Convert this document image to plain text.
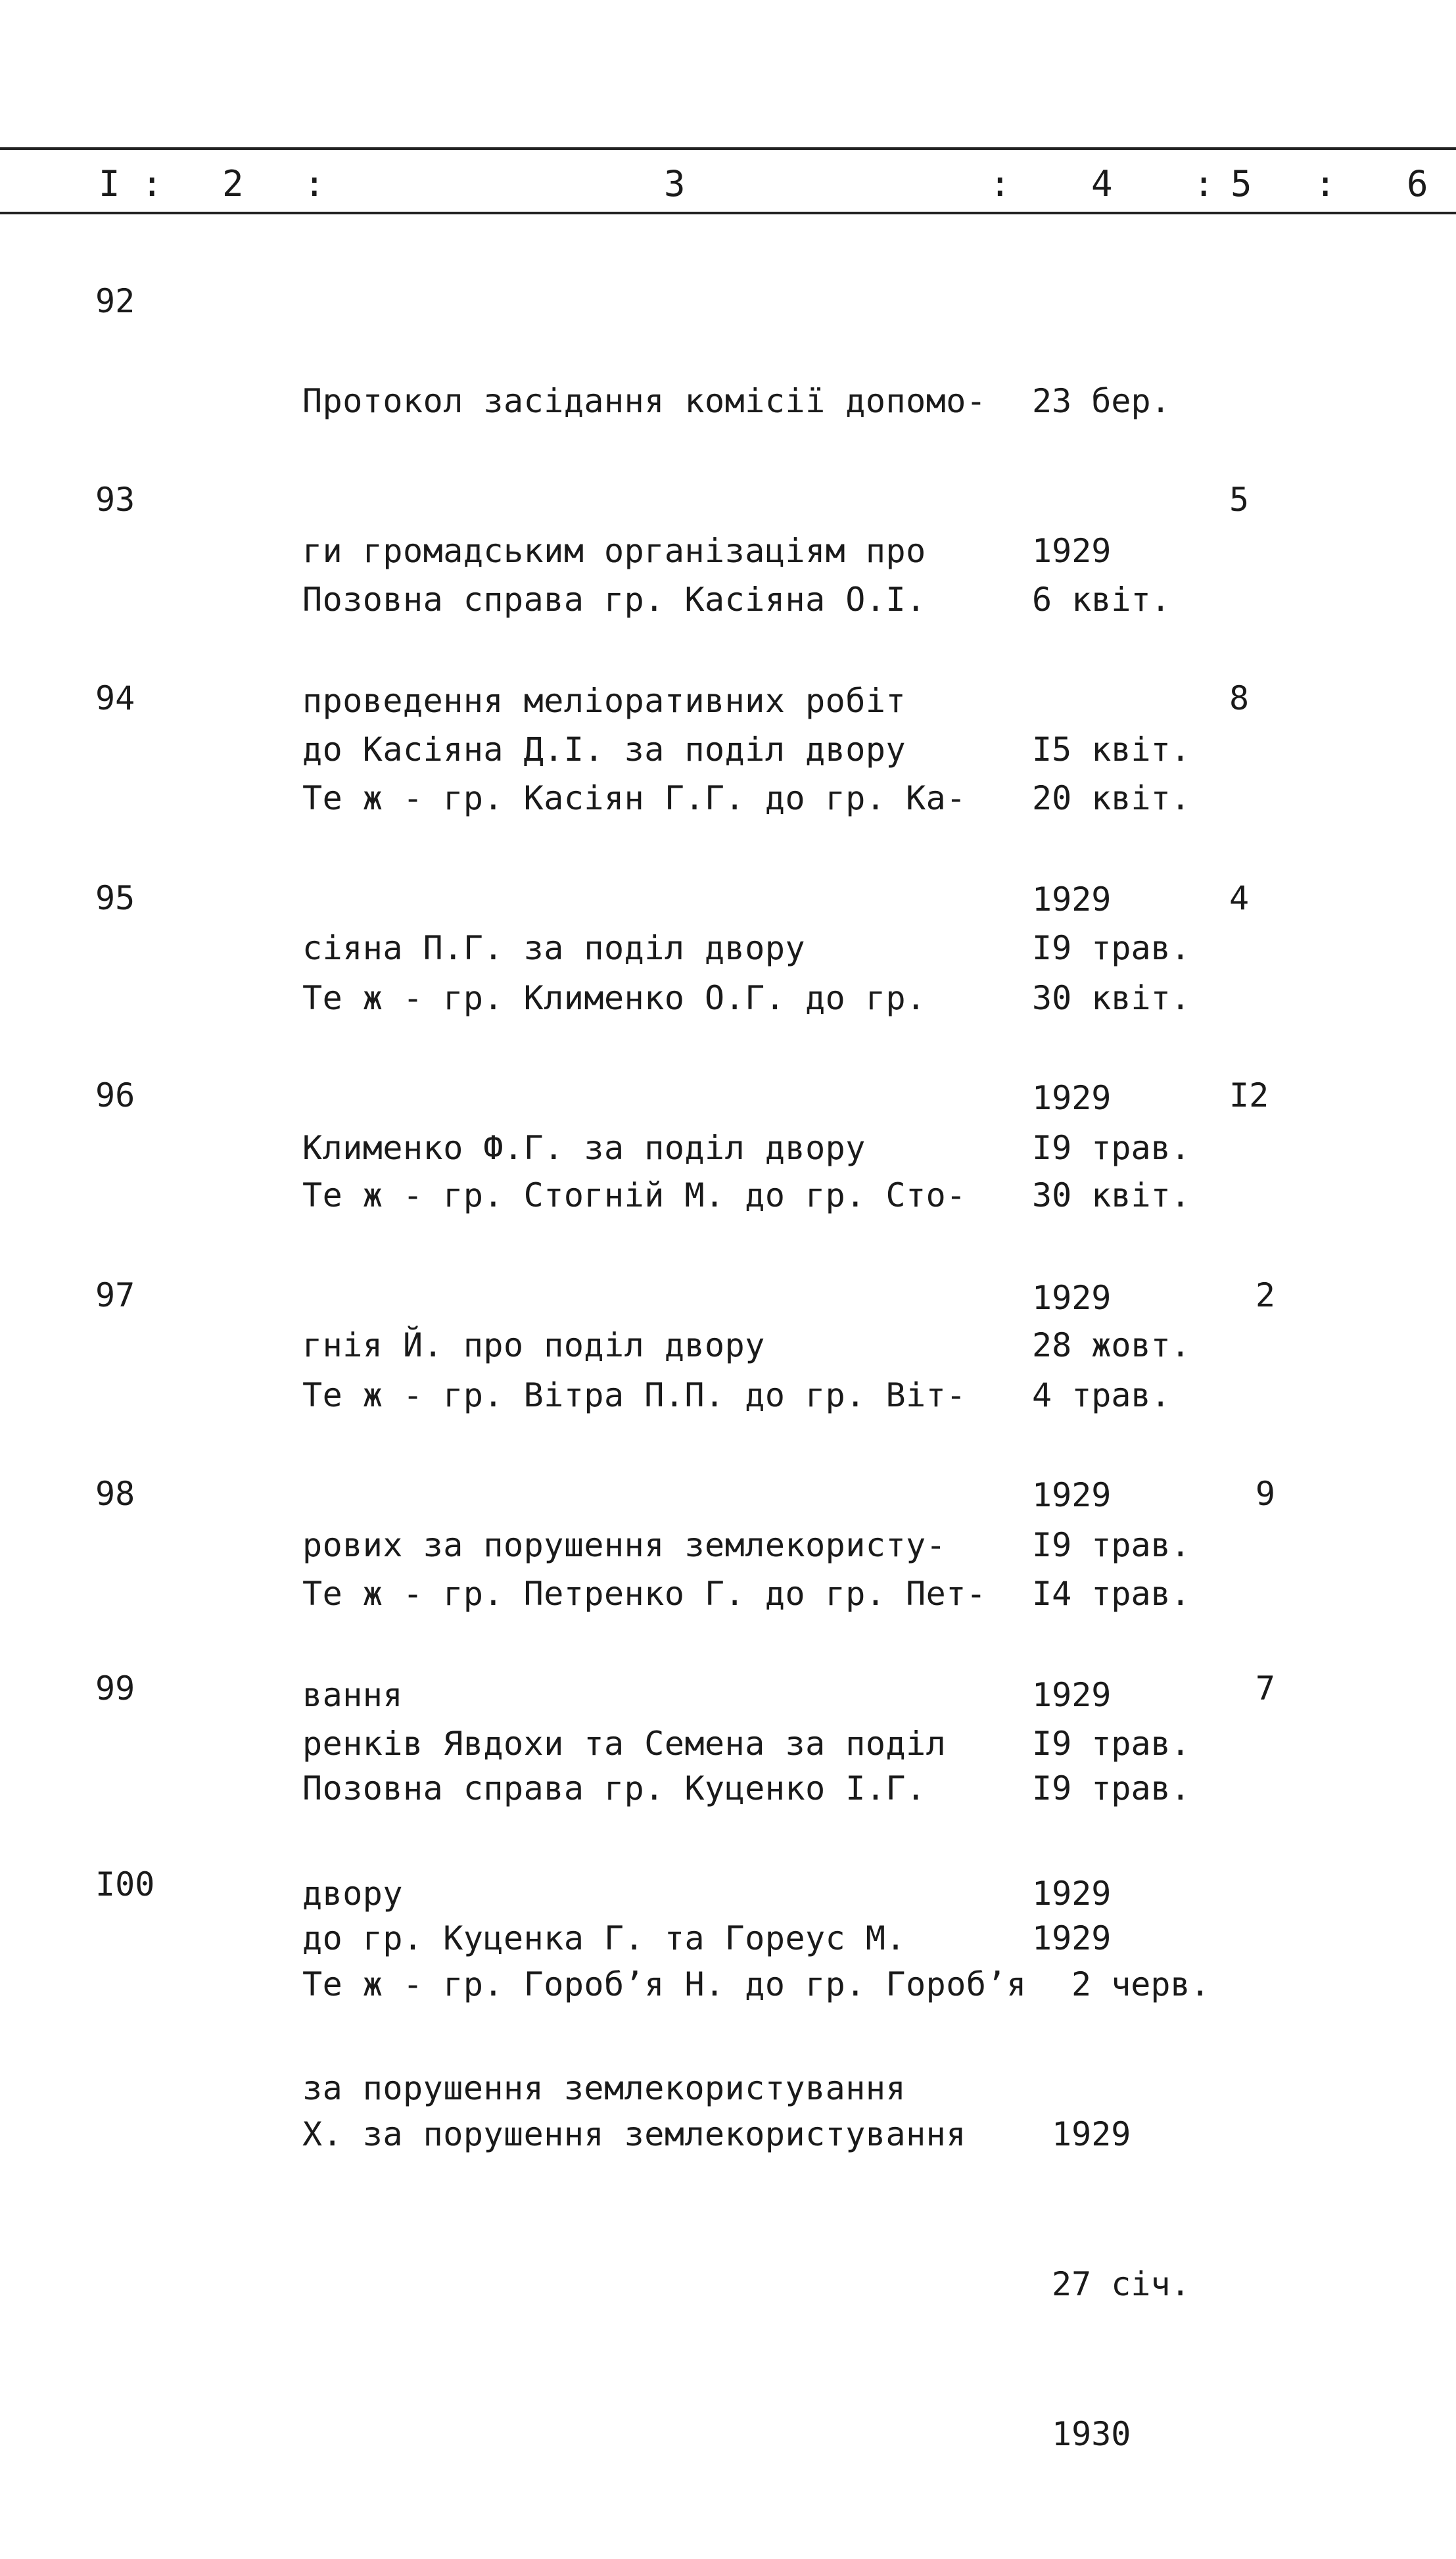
I : 2 :	3	: 4 : 5 : 6
92

Протокол засідання комісії допомо-

ги громадським організаціям про

проведення меліоративних робіт

23 бер.

1929

93

Позовна справа гр. Касіяна О.І.

до Касіяна Д.І. за поділ двору

6 квіт.

I5 квіт.

1929

5
94

Те ж - гр. Касіян Г.Г. до гр. Ка-

сіяна П.Г. за поділ двору

20 квіт.

I9 трав.

1929

8
95

Те ж - гр. Клименко О.Г. до гр.

Клименко Ф.Г. за поділ двору

30 квіт.

I9 трав.

1929

4
96

Те ж - гр. Стогній М. до гр. Сто-

гнія Й. про поділ двору

30 квіт.

28 жовт.

1929

I2
97

Те ж - гр. Вітра П.П. до гр. Віт-

рових за порушення землекористу-

вання

4 трав.

I9 трав.

1929

2
98

Те ж - гр. Петренко Г. до гр. Пет-

ренків Явдохи та Семена за поділ

двору

I4 трав.

I9 трав.

1929

9
99

Позовна справа гр. Куценко І.Г.

до гр. Куценка Г. та Гореус М.

за порушення землекористування

I9 трав.

1929

7
I00

Те ж - гр. Гороб’я Н. до гр. Гороб’я

Х. за порушення землекористування

2 черв.

1929

27 січ.

1930
